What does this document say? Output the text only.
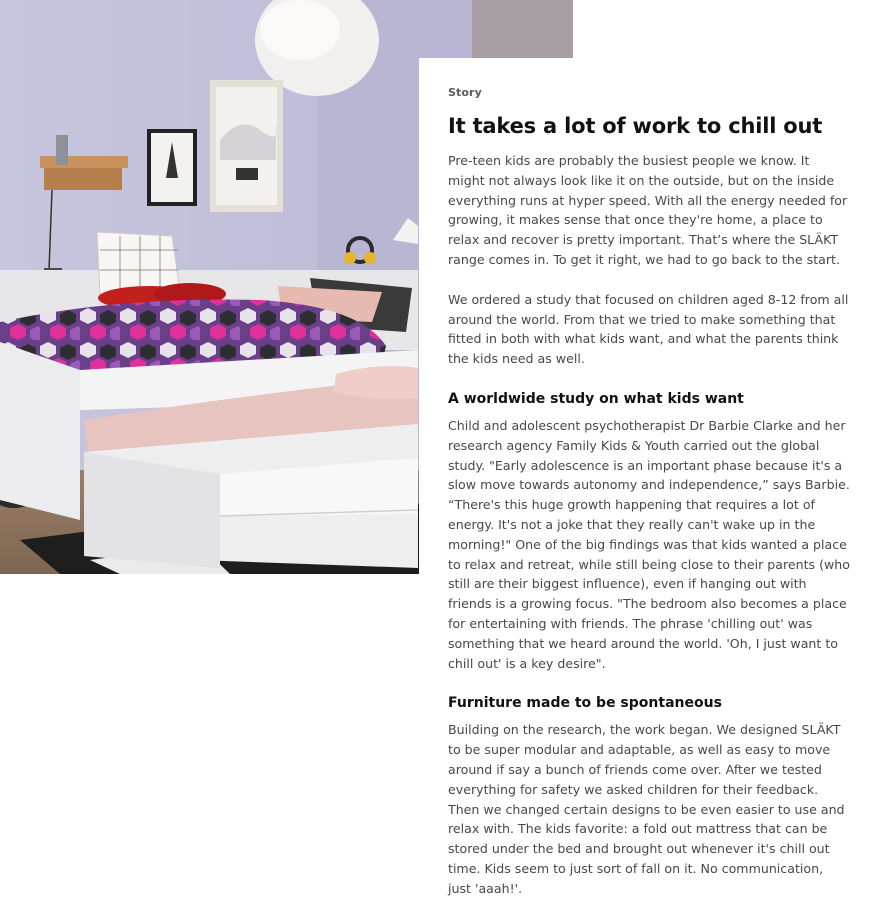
Story
It takes a lot of work to chill out

Pre-teen kids are probably the busiest people we know. It might not always look like it on the outside, but on the inside everything runs at hyper speed. With all the energy needed for growing, it makes sense that once they're home, a place to relax and recover is pretty important. That’s where the SLÄKT range comes in. To get it right, we had to go back to the start.

We ordered a study that focused on children aged 8-12 from all around the world. From that we tried to make something that fitted in both with what kids want, and what the parents think the kids need as well.

A worldwide study on what kids want

Child and adolescent psychotherapist Dr Barbie Clarke and her research agency Family Kids & Youth carried out the global study. "Early adolescence is an important phase because it's a slow move towards autonomy and independence,” says Barbie. “There's this huge growth happening that requires a lot of energy. It's not a joke that they really can't wake up in the morning!" One of the big findings was that kids wanted a place to relax and retreat, while still being close to their parents (who still are their biggest influence), even if hanging out with friends is a growing focus. "The bedroom also becomes a place for entertaining with friends. The phrase 'chilling out' was something that we heard around the world. 'Oh, I just want to chill out' is a key desire".

Furniture made to be spontaneous

Building on the research, the work began. We designed SLÄKT to be super modular and adaptable, as well as easy to move around if say a bunch of friends come over. After we tested everything for safety we asked children for their feedback. Then we changed certain designs to be even easier to use and relax with. The kids favorite: a fold out mattress that can be stored under the bed and brought out whenever it's chill out time. Kids seem to just sort of fall on it. No communication, just 'aaah!'.
